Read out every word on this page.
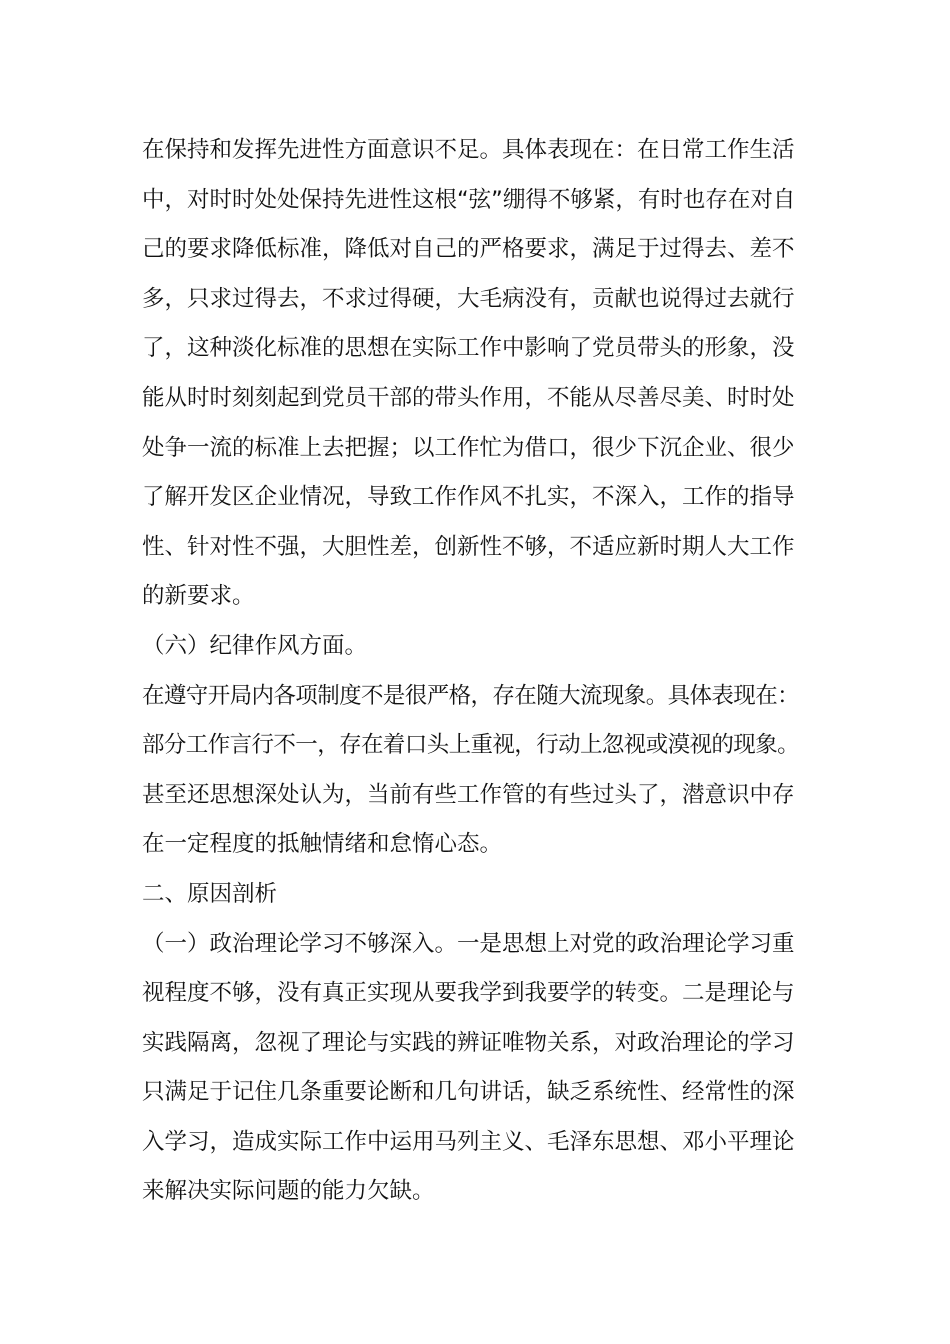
在保持和发挥先进性方面意识不足。具体表现在：在日常工作生活
中，对时时处处保持先进性这根“弦”绷得不够紧，有时也存在对自
己的要求降低标准，降低对自己的严格要求，满足于过得去、差不
多，只求过得去，不求过得硬，大毛病没有，贡献也说得过去就行
了，这种淡化标准的思想在实际工作中影响了党员带头的形象，没
能从时时刻刻起到党员干部的带头作用，不能从尽善尽美、时时处
处争一流的标准上去把握；以工作忙为借口，很少下沉企业、很少
了解开发区企业情况，导致工作作风不扎实，不深入，工作的指导
性、针对性不强，大胆性差，创新性不够，不适应新时期人大工作
的新要求。
（六）纪律作风方面。
在遵守开局内各项制度不是很严格，存在随大流现象。具体表现在：
部分工作言行不一，存在着口头上重视，行动上忽视或漠视的现象。
甚至还思想深处认为，当前有些工作管的有些过头了，潜意识中存
在一定程度的抵触情绪和怠惰心态。
二、原因剖析
（一）政治理论学习不够深入。一是思想上对党的政治理论学习重
视程度不够，没有真正实现从要我学到我要学的转变。二是理论与
实践隔离，忽视了理论与实践的辨证唯物关系，对政治理论的学习
只满足于记住几条重要论断和几句讲话，缺乏系统性、经常性的深
入学习，造成实际工作中运用马列主义、毛泽东思想、邓小平理论
来解决实际问题的能力欠缺。
